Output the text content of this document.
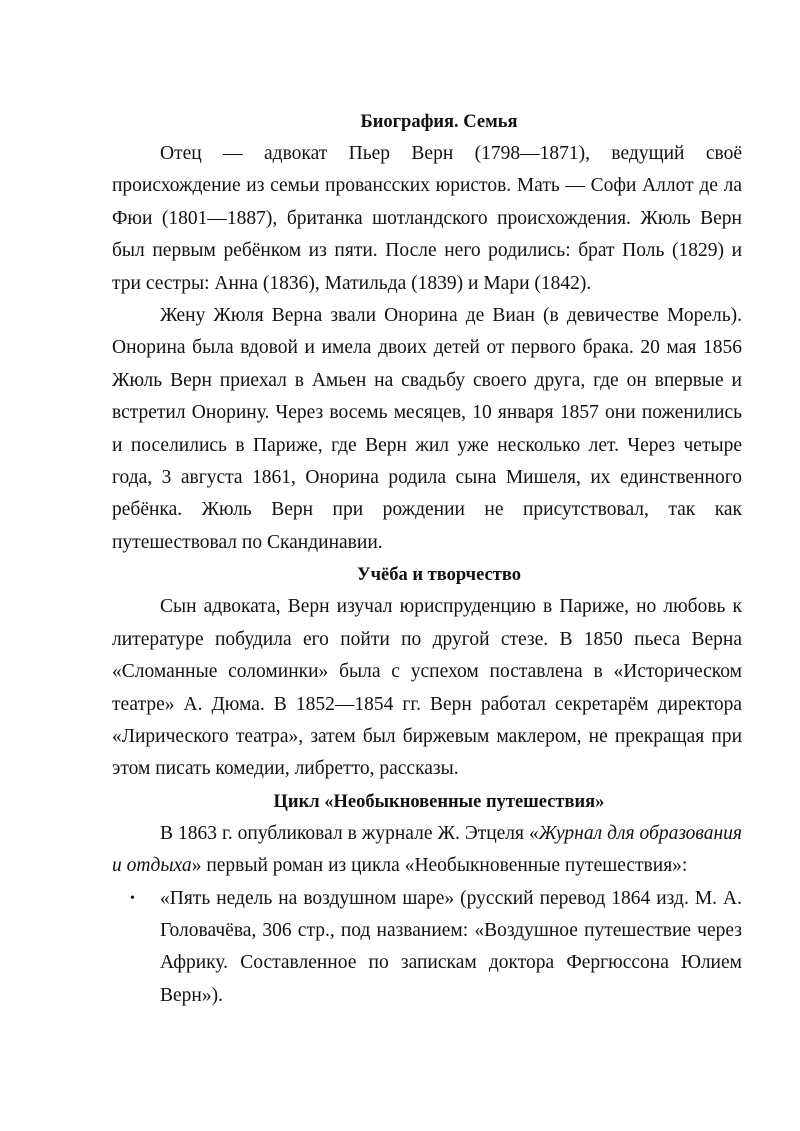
Биография. Семья

Отец — адвокат Пьер Верн (1798—1871), ведущий своё происхождение из семьи провансских юристов. Мать — Софи Аллот де ла Фюи (1801—1887), британка шотландского происхождения. Жюль Верн был первым ребёнком из пяти. После него родились: брат Поль (1829) и три сестры: Анна (1836), Матильда (1839) и Мари (1842).

Жену Жюля Верна звали Онорина де Виан (в девичестве Морель). Онорина была вдовой и имела двоих детей от первого брака. 20 мая 1856 Жюль Верн приехал в Амьен на свадьбу своего друга, где он впервые и встретил Онорину. Через восемь месяцев, 10 января 1857 они поженились и поселились в Париже, где Верн жил уже несколько лет. Через четыре года, 3 августа 1861, Онорина родила сына Мишеля, их единственного ребёнка. Жюль Верн при рождении не присутствовал, так как путешествовал по Скандинавии.

Учёба и творчество

Сын адвоката, Верн изучал юриспруденцию в Париже, но любовь к литературе побудила его пойти по другой стезе. В 1850 пьеса Верна «Сломанные соломинки» была с успехом поставлена в «Историческом театре» А. Дюма. В 1852—1854 гг. Верн работал секретарём директора «Лирического театра», затем был биржевым маклером, не прекращая при этом писать комедии, либретто, рассказы.

Цикл «Необыкновенные путешествия»

В 1863 г. опубликовал в журнале Ж. Этцеля «Журнал для образования и отдыха» первый роман из цикла «Необыкновенные путешествия»:

• «Пять недель на воздушном шаре» (русский перевод 1864 изд. М. А. Головачёва, 306 стр., под названием: «Воздушное путешествие через Африку. Составленное по запискам доктора Фергюссона Юлием Верн»).
